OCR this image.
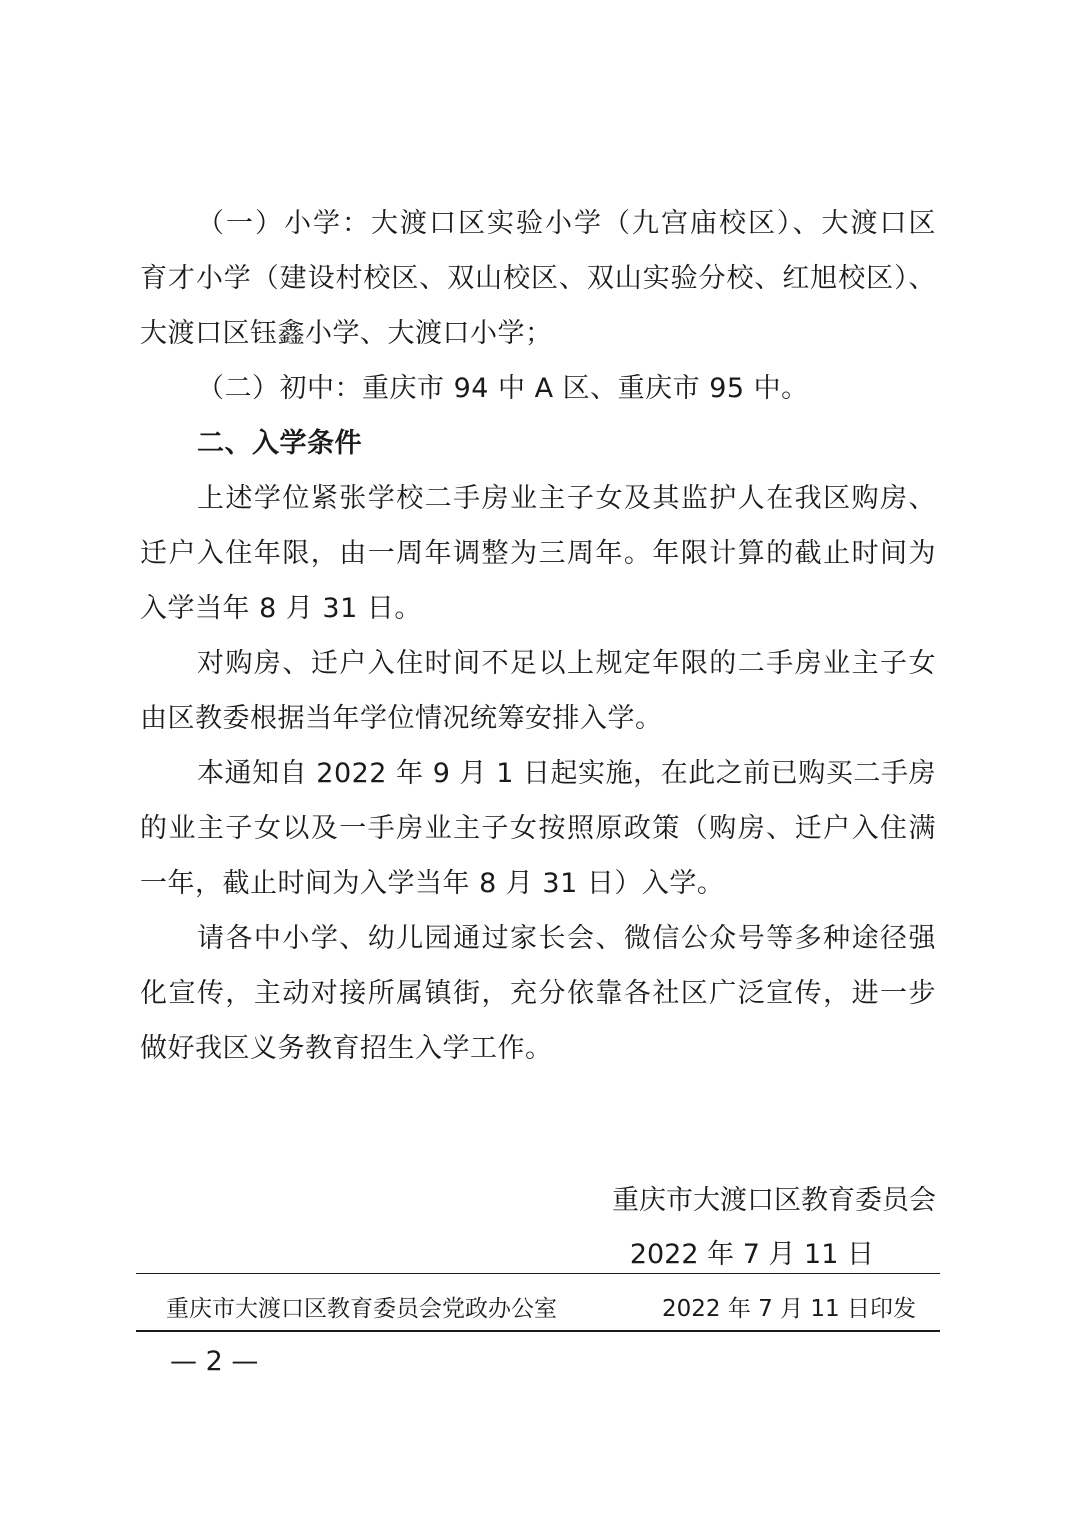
（一）小学：大渡口区实验小学（九宫庙校区）、大渡口区
育才小学（建设村校区、双山校区、双山实验分校、红旭校区）、
大渡口区钰鑫小学、大渡口小学；
（二）初中：重庆市 94 中 A 区、重庆市 95 中。
二、入学条件
上述学位紧张学校二手房业主子女及其监护人在我区购房、
迁户入住年限，由一周年调整为三周年。年限计算的截止时间为
入学当年 8 月 31 日。
对购房、迁户入住时间不足以上规定年限的二手房业主子女
由区教委根据当年学位情况统筹安排入学。
本通知自 2022 年 9 月 1 日起实施，在此之前已购买二手房
的业主子女以及一手房业主子女按照原政策（购房、迁户入住满
一年，截止时间为入学当年 8 月 31 日）入学。
请各中小学、幼儿园通过家长会、微信公众号等多种途径强
化宣传，主动对接所属镇街，充分依靠各社区广泛宣传，进一步
做好我区义务教育招生入学工作。
重庆市大渡口区教育委员会
2022 年 7 月 11 日
重庆市大渡口区教育委员会党政办公室	2022 年 7 月 11 日印发
— 2 —
